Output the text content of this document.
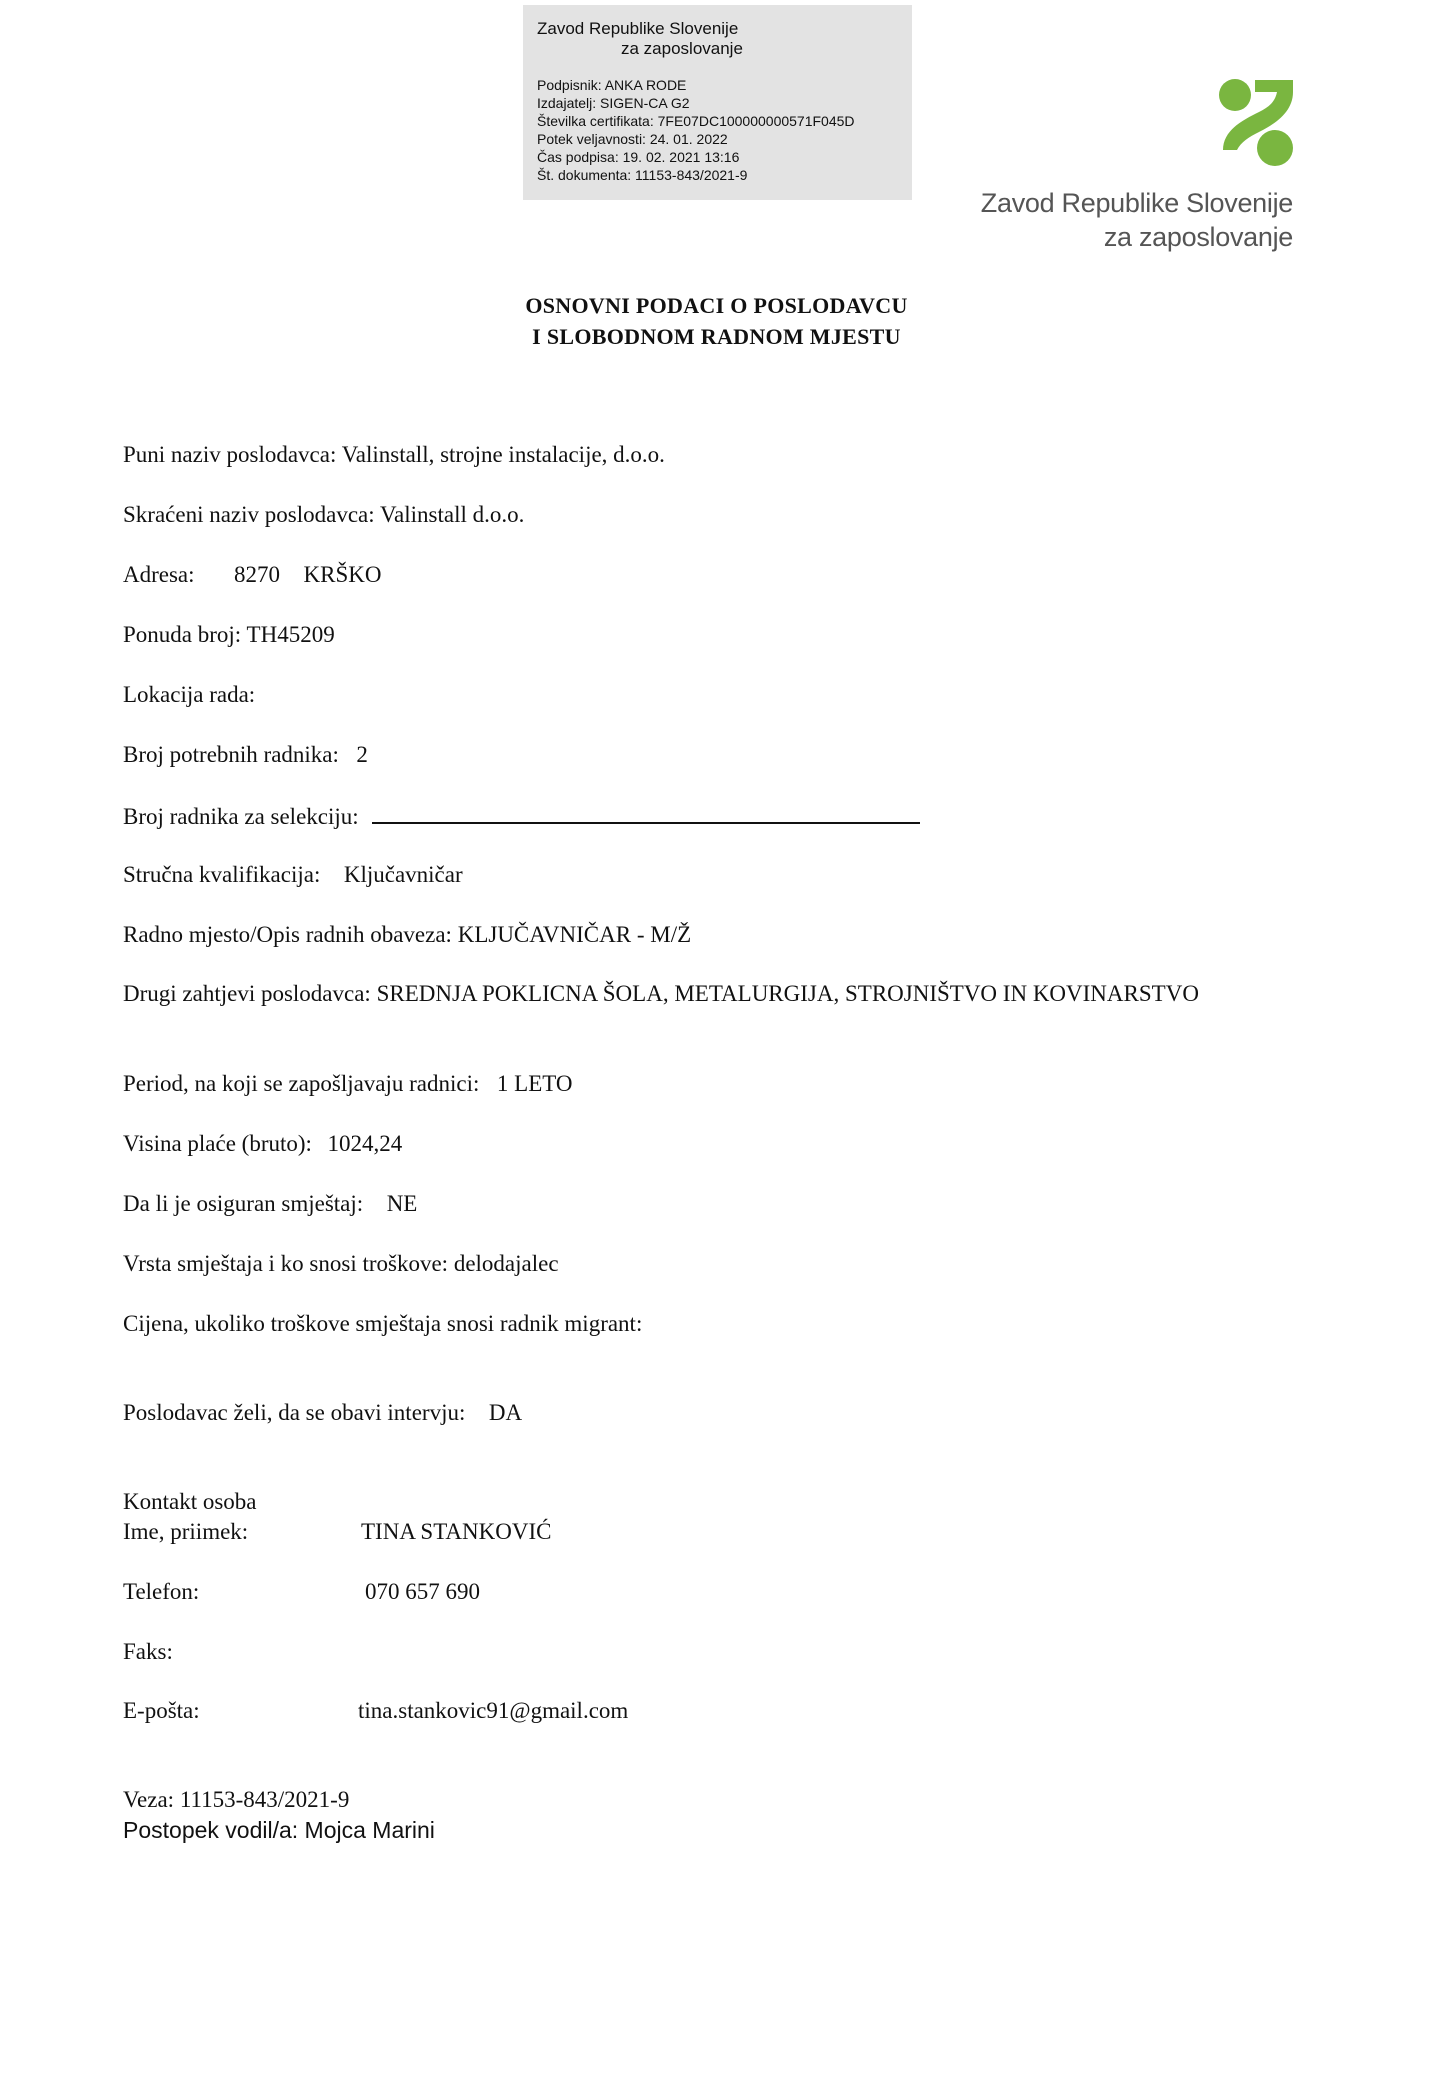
Zavod Republike Slovenije
za zaposlovanje
Podpisnik: ANKA RODE
Izdajatelj: SIGEN-CA G2
Številka certifikata: 7FE07DC100000000571F045D
Potek veljavnosti: 24. 01. 2022
Čas podpisa: 19. 02. 2021 13:16
Št. dokumenta: 11153-843/2021-9
Zavod Republike Slovenije
za zaposlovanje
OSNOVNI PODACI O POSLODAVCU
I SLOBODNOM RADNOM MJESTU
Puni naziv poslodavca: Valinstall, strojne instalacije, d.o.o.
Skraćeni naziv poslodavca: Valinstall d.o.o.
Adresa: 8270 KRŠKO
Ponuda broj: TH45209
Lokacija rada:
Broj potrebnih radnika: 2
Broj radnika za selekciju:
Stručna kvalifikacija: Ključavničar
Radno mjesto/Opis radnih obaveza: KLJUČAVNIČAR - M/Ž
Drugi zahtjevi poslodavca: SREDNJA POKLICNA ŠOLA, METALURGIJA, STROJNIŠTVO IN KOVINARSTVO
Period, na koji se zapošljavaju radnici: 1 LETO
Visina plaće (bruto): 1024,24
Da li je osiguran smještaj: NE
Vrsta smještaja i ko snosi troškove: delodajalec
Cijena, ukoliko troškove smještaja snosi radnik migrant:
Poslodavac želi, da se obavi intervju: DA
Kontakt osoba
Ime, priimek:	TINA STANKOVIĆ
Telefon:	070 657 690
Faks:
E-pošta:	tina.stankovic91@gmail.com
Veza: 11153-843/2021-9
Postopek vodil/a: Mojca Marini
